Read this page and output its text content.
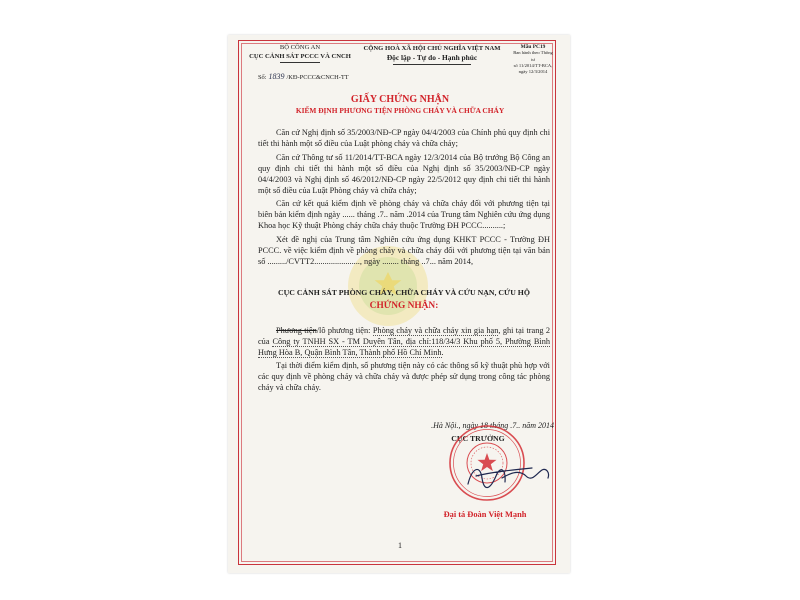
BỘ CÔNG AN
CỤC CẢNH SÁT PCCC VÀ CNCH
Số: 1839 /KĐ-PCCC&CNCH-TT
CỘNG HOÀ XÃ HỘI CHỦ NGHĨA VIỆT NAM
Độc lập - Tự do - Hạnh phúc
Mẫu PC19
Ban hành theo Thông tư
số 11/2014/TT-BCA,
ngày 12/3/2014
GIẤY CHỨNG NHẬN
KIỂM ĐỊNH PHƯƠNG TIỆN PHÒNG CHÁY VÀ CHỮA CHÁY

Căn cứ Nghị định số 35/2003/NĐ-CP ngày 04/4/2003 của Chính phủ quy định chi tiết thi hành một số điều của Luật phòng cháy và chữa cháy;

Căn cứ Thông tư số 11/2014/TT-BCA ngày 12/3/2014 của Bộ trưởng Bộ Công an quy định chi tiết thi hành một số điều của Nghị định số 35/2003/NĐ-CP ngày 04/4/2003 và Nghị định số 46/2012/NĐ-CP ngày 22/5/2012 quy định chi tiết thi hành một số điều của Luật Phòng cháy và chữa cháy;

Căn cứ kết quả kiểm định về phòng cháy và chữa cháy đối với phương tiện tại biên bản kiểm định ngày ...... tháng .7.. năm .2014 của Trung tâm Nghiên cứu ứng dụng Khoa học Kỹ thuật Phòng cháy chữa cháy thuộc Trường ĐH PCCC..........;

Xét đề nghị của Trung tâm Nghiên cứu ứng dụng KHKT PCCC - Trường ĐH PCCC. về việc kiểm định về phòng cháy và chữa cháy đối với phương tiện tại văn bản số ........./CVTT2......................, ngày ........ tháng ..7... năm 2014,

CỤC CẢNH SÁT PHÒNG CHÁY, CHỮA CHÁY VÀ CỨU NẠN, CỨU HỘ
CHỨNG NHẬN:

Phương tiện/lô phương tiện: Phòng cháy và chữa cháy xin gia hạn, ghi tại trang 2 của Công ty TNHH SX - TM Duyên Tân, địa chỉ:118/34/3 Khu phố 5, Phường Bình Hưng Hòa B, Quận Bình Tân, Thành phố Hồ Chí Minh.

Tại thời điểm kiểm định, số phương tiện này có các thông số kỹ thuật phù hợp với các quy định về phòng cháy và chữa cháy và được phép sử dụng trong công tác phòng cháy và chữa cháy.

.Hà Nội., ngày 18 tháng .7.. năm 2014
CỤC TRƯỞNG
Đại tá Đoàn Việt Mạnh
1
